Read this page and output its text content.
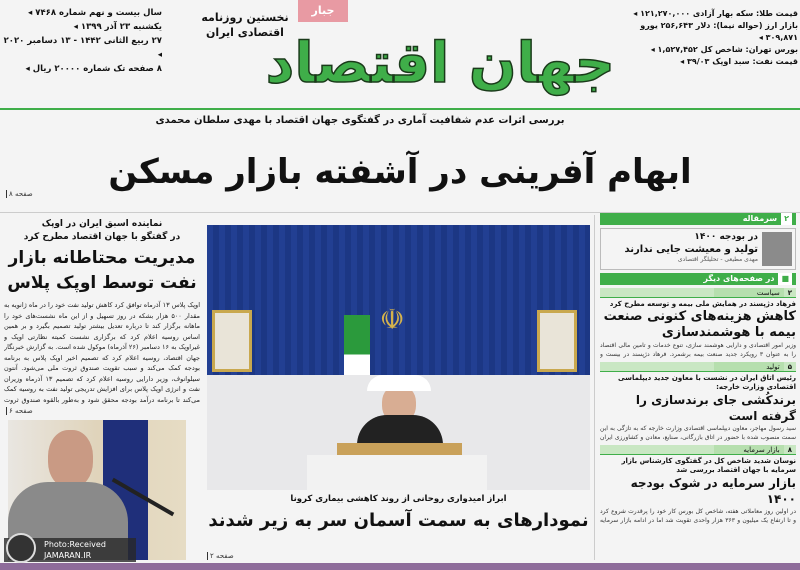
جبار
جهان اقتصاد
نخستین روزنامه
اقتصادی ایران
سال بیست و نهم شماره ۷۴۶۸ ◂
یکشنبه ۲۳ آذر ۱۳۹۹ ◂
۲۷ ربیع الثانی ۱۴۴۲ - ۱۳ دسامبر ۲۰۲۰ ◂
۸ صفحه تک شماره ۲۰۰۰۰ ریال ◂
قیمت طلا: سکه بهار آزادی ۱۲۱,۲۷۰,۰۰۰ ◂
بازار ارز (حواله نیما): دلار ۲۵۶,۶۴۳ یورو ۳۰۹,۸۷۱ ◂
بورس تهران: شاخص کل ۱,۵۲۷,۴۵۲ ◂
قیمت نفت: سبد اوپک ۳۹/۰۳ ◂
بررسی اثرات عدم شفافیت آماری در گفتگوی جهان اقتصاد با مهدی سلطان محمدی
ابهام آفرینی در آشفته بازار مسکن
صفحه ۸
نماینده اسبق ایران در اوپک
در گفتگو با جهان اقتصاد مطرح کرد
مدیریت محتاطانه بازار نفت توسط اوپک پلاس
اوپک پلاس ۱۳ آذرماه توافق کرد کاهش تولید نفت خود را در ماه ژانویه به مقدار ۵۰۰ هزار بشکه در روز تسهیل و از این ماه نشست‌های خود را ماهانه برگزار کند تا درباره تعدیل بیشتر تولید تصمیم بگیرد و بر همین اساس روسیه اعلام کرد که برگزاری نشست کمیته نظارتی اوپک و غیراوپک به ۱۶ دسامبر (۲۶ آذرماه) موکول شده است. به گزارش خبرنگار جهان اقتصاد، روسیه اعلام کرد که تصمیم اخیر اوپک پلاس به برنامه بودجه کمک می‌کند و سبب تقویت صندوق ثروت ملی می‌شود. آنتون سیلوانوف، وزیر دارایی روسیه اعلام کرد که تصمیم ۱۳ آذرماه وزیران نفت و انرژی اوپک پلاس برای افزایش تدریجی تولید نفت به روسیه کمک می‌کند تا برنامه درآمد بودجه محقق شود و به‌طور بالقوه صندوق ثروت
صفحه ۶
Photo:Received
JAMARAN.IR
☫
ابراز امیدواری روحانی از روند کاهشی بیماری کرونا
نمودارهای به سمت آسمان سر به زیر شدند
صفحه ۲
۲
سرمقاله
در بودجه ۱۴۰۰
تولید و معیشت جایی ندارند
مهدی مطیعی - تحلیلگر اقتصادی
■
در صفحه‌های دیگر
۲
سیاست
فرهاد دژپسند در همایش ملی بیمه و توسعه مطرح کرد
کاهش هزینه‌های کنونی صنعت بیمه با هوشمندسازی
وزیر امور اقتصادی و دارایی هوشمند سازی، تنوع خدمات و تامین مالی اقتصاد را به عنوان ۳ رویکرد جدید صنعت بیمه برشمرد. فرهاد دژپسند در بیست و
۵
تولید
رئیس اتاق ایران در نشست با معاون جدید دیپلماسی اقتصادی وزارت خارجه:
برندکُشی جای برندسازی را گرفته است
سید رسول مهاجر، معاون دیپلماسی اقتصادی وزارت خارجه که به تازگی به این سمت منصوب شده با حضور در اتاق بازرگانی، صنایع، معادن و کشاورزی ایران
۸
بازار سرمایه
نوسان شدید شاخص کل در گفتگوی کارشناس بازار سرمایه با جهان اقتصاد بررسی شد
بازار سرمایه در شوک بودجه ۱۴۰۰
در اولین روز معاملاتی هفته، شاخص کل بورس کار خود را پرقدرت شروع کرد و تا ارتفاع یک میلیون و ۳۶۳ هزار واحدی تقویت شد اما در ادامه بازار سرمایه
